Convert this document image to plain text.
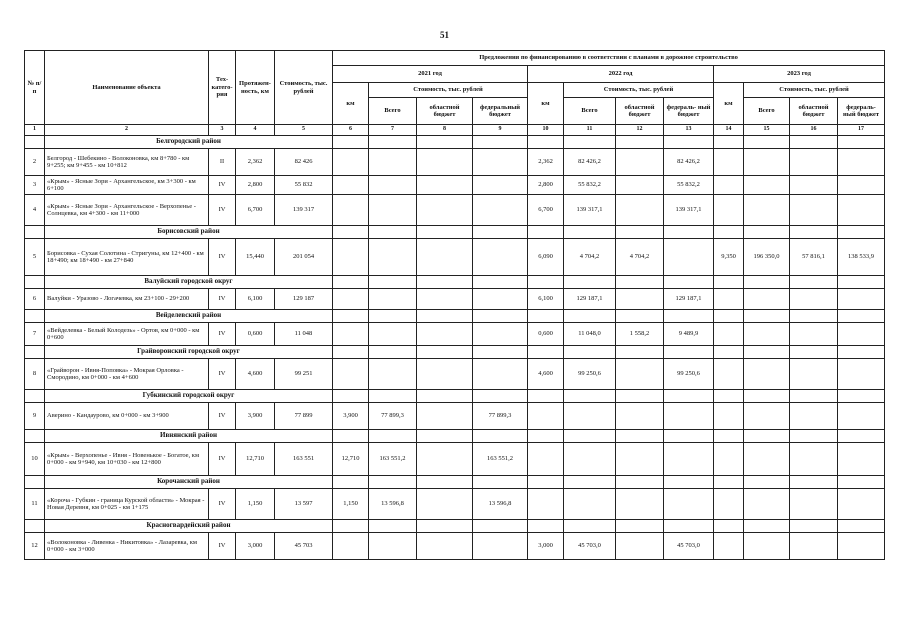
51
№ п/п	Наименование объекта	Тех- катего- рия	Протяжен- ность, км	Стоимость, тыс. рублей	Предложения по финансированию в соответствии с планами в дорожное строительство											
					2021 год				2022 год				2023 год			
					км	Стоимость, тыс. рублей			км	Стоимость, тыс. рублей			км	Стоимость, тыс. рублей		
						Всего	областной бюджет	федеральный бюджет		Всего	областной бюджет	федераль- ный бюджет		Всего	областной бюджет	федераль- ный бюджет
1	2	3	4	5	6	7	8	9	10	11	12	13	14	15	16	17
	Белгородский район															
2	Белгород - Шебекино - Волоконовка, км 8+780 - км 9+255; км 9+455 - км 10+812	II	2,362	82 426					2,362	82 426,2		82 426,2				
3	«Крым» - Ясные Зори - Архангельское, км 3+300 - км 6+100	IV	2,800	55 832					2,800	55 832,2		55 832,2				
4	«Крым» - Ясные Зори - Архангельское - Верхопенье - Солнцевка, км 4+300 - км 11+000	IV	6,700	139 317					6,700	139 317,1		139 317,1				
	Борисовский район															
5	Борисовка - Сухая Солотина - Стригуны, км 12+400 - км 18+490; км 18+490 - км 27+840	IV	15,440	201 054					6,090	4 704,2	4 704,2		9,350	196 350,0	57 816,1	138 533,9
	Валуйский городской округ															
6	Валуйки - Уразово - Логачевка, км 23+100 - 29+200	IV	6,100	129 187					6,100	129 187,1		129 187,1				
	Вейделевский район															
7	«Вейделевка - Белый Колодезь» - Ортов, км 0+000 - км 0+600	IV	0,600	11 048					0,600	11 048,0	1 558,2	9 489,9				
	Грайворонский городской округ															
8	«Грайворон - Ивня-Поповка» - Мокрая Орловка - Смородино, км 0+000 - км 4+600	IV	4,600	99 251					4,600	99 250,6		99 250,6				
	Губкинский городской округ															
9	Аверино - Кандаурово, км 0+000 - км 3+900	IV	3,900	77 899	3,900	77 899,3		77 899,3								
	Ивнянский район															
10	«Крым» - Верхопенье - Ивня - Новенькое - Богатое, км 0+000 - км 9+940, км 10+030 - км 12+800	IV	12,710	163 551	12,710	163 551,2		163 551,2								
	Корочанский район															
11	«Короча - Губкин - граница Курской области» - Мокрая - Новая Деревня, км 0+025 - км 1+175	IV	1,150	13 597	1,150	13 596,8		13 596,8								
	Красногвардейский район															
12	«Волоконовка - Ливенка - Никитовка» - Лазаревка, км 0+000 - км 3+000	IV	3,000	45 703					3,000	45 703,0		45 703,0				
